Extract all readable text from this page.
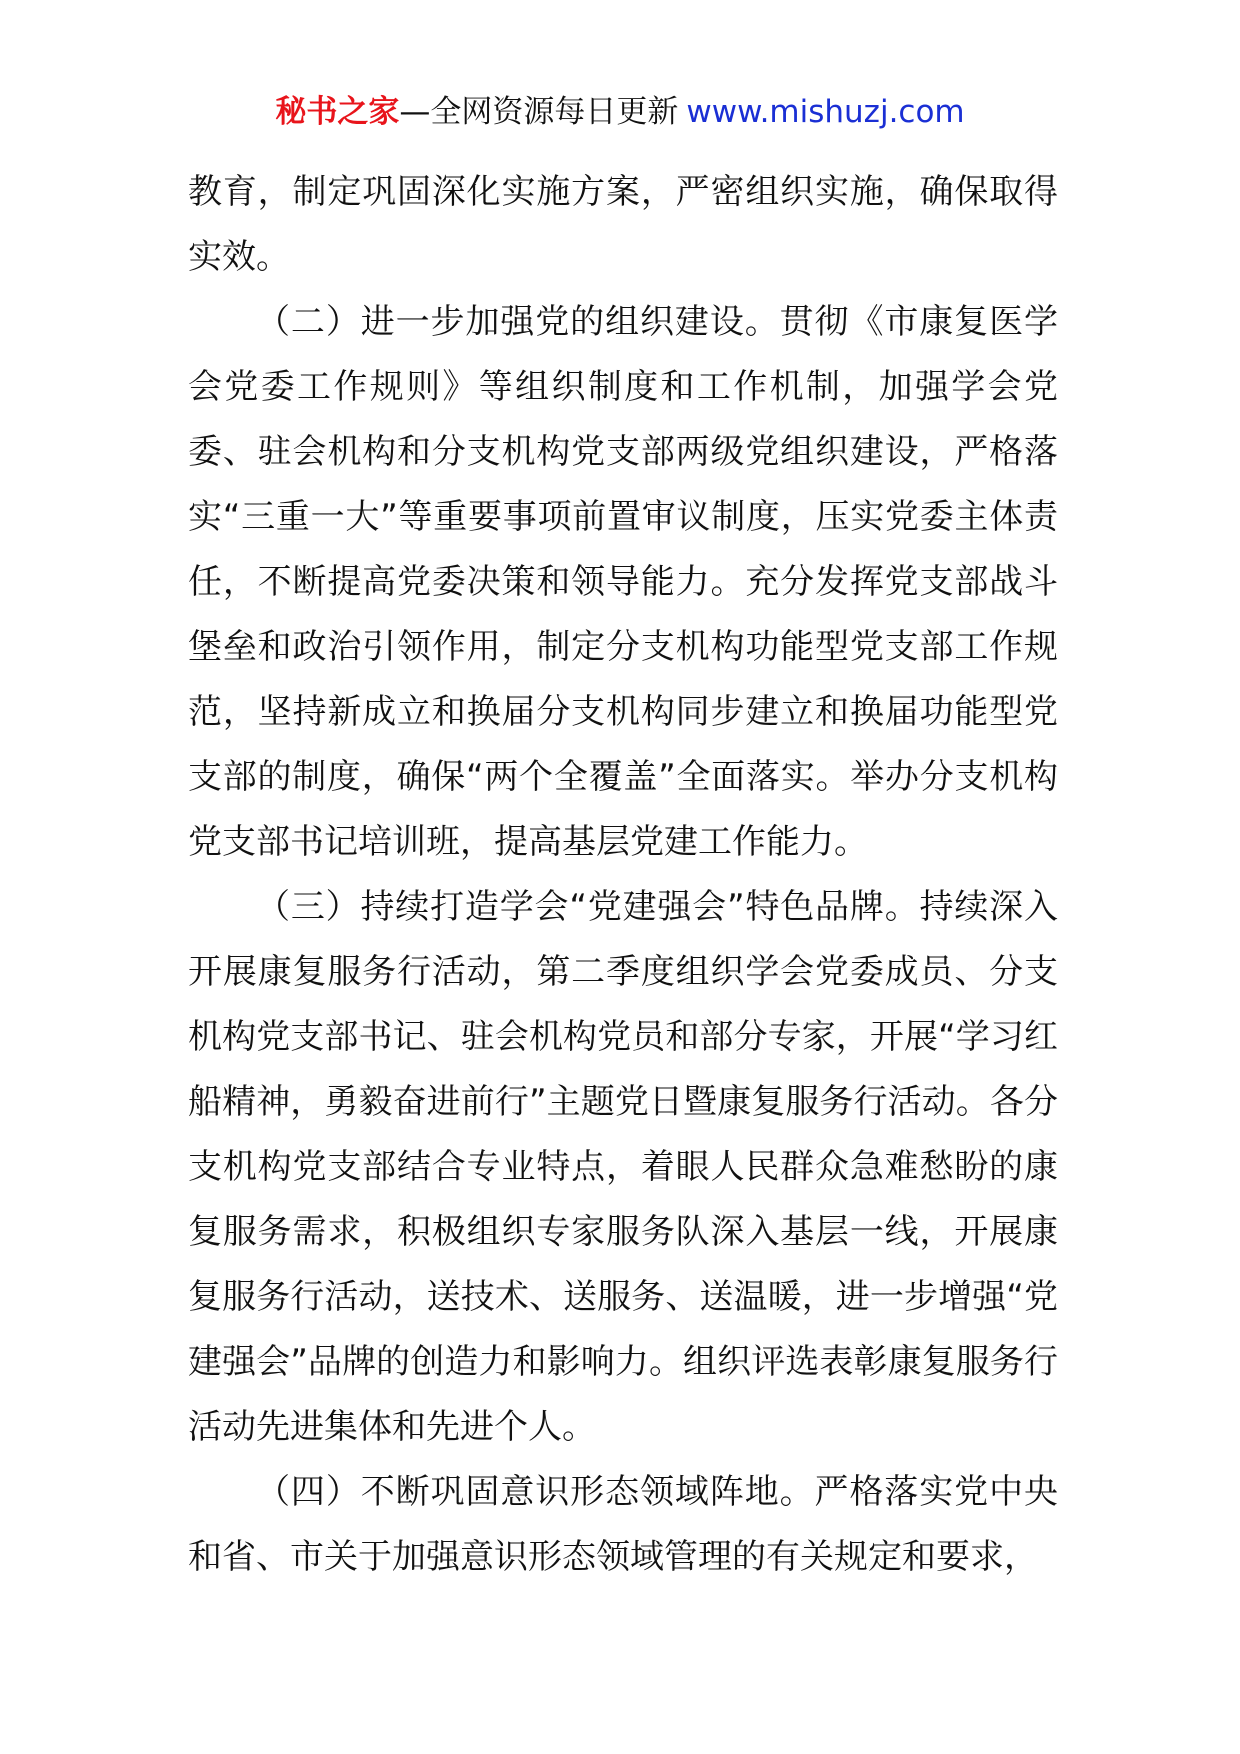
秘书之家—全网资源每日更新 www.mishuzj.com

教育，制定巩固深化实施方案，严密组织实施，确保取得实效。

（二）进一步加强党的组织建设。贯彻《市康复医学会党委工作规则》等组织制度和工作机制，加强学会党委、驻会机构和分支机构党支部两级党组织建设，严格落实“三重一大”等重要事项前置审议制度，压实党委主体责任，不断提高党委决策和领导能力。充分发挥党支部战斗堡垒和政治引领作用，制定分支机构功能型党支部工作规范，坚持新成立和换届分支机构同步建立和换届功能型党支部的制度，确保“两个全覆盖”全面落实。举办分支机构党支部书记培训班，提高基层党建工作能力。

（三）持续打造学会“党建强会”特色品牌。持续深入开展康复服务行活动，第二季度组织学会党委成员、分支机构党支部书记、驻会机构党员和部分专家，开展“学习红船精神，勇毅奋进前行”主题党日暨康复服务行活动。各分支机构党支部结合专业特点，着眼人民群众急难愁盼的康复服务需求，积极组织专家服务队深入基层一线，开展康复服务行活动，送技术、送服务、送温暖，进一步增强“党建强会”品牌的创造力和影响力。组织评选表彰康复服务行活动先进集体和先进个人。

（四）不断巩固意识形态领域阵地。严格落实党中央和省、市关于加强意识形态领域管理的有关规定和要求，
